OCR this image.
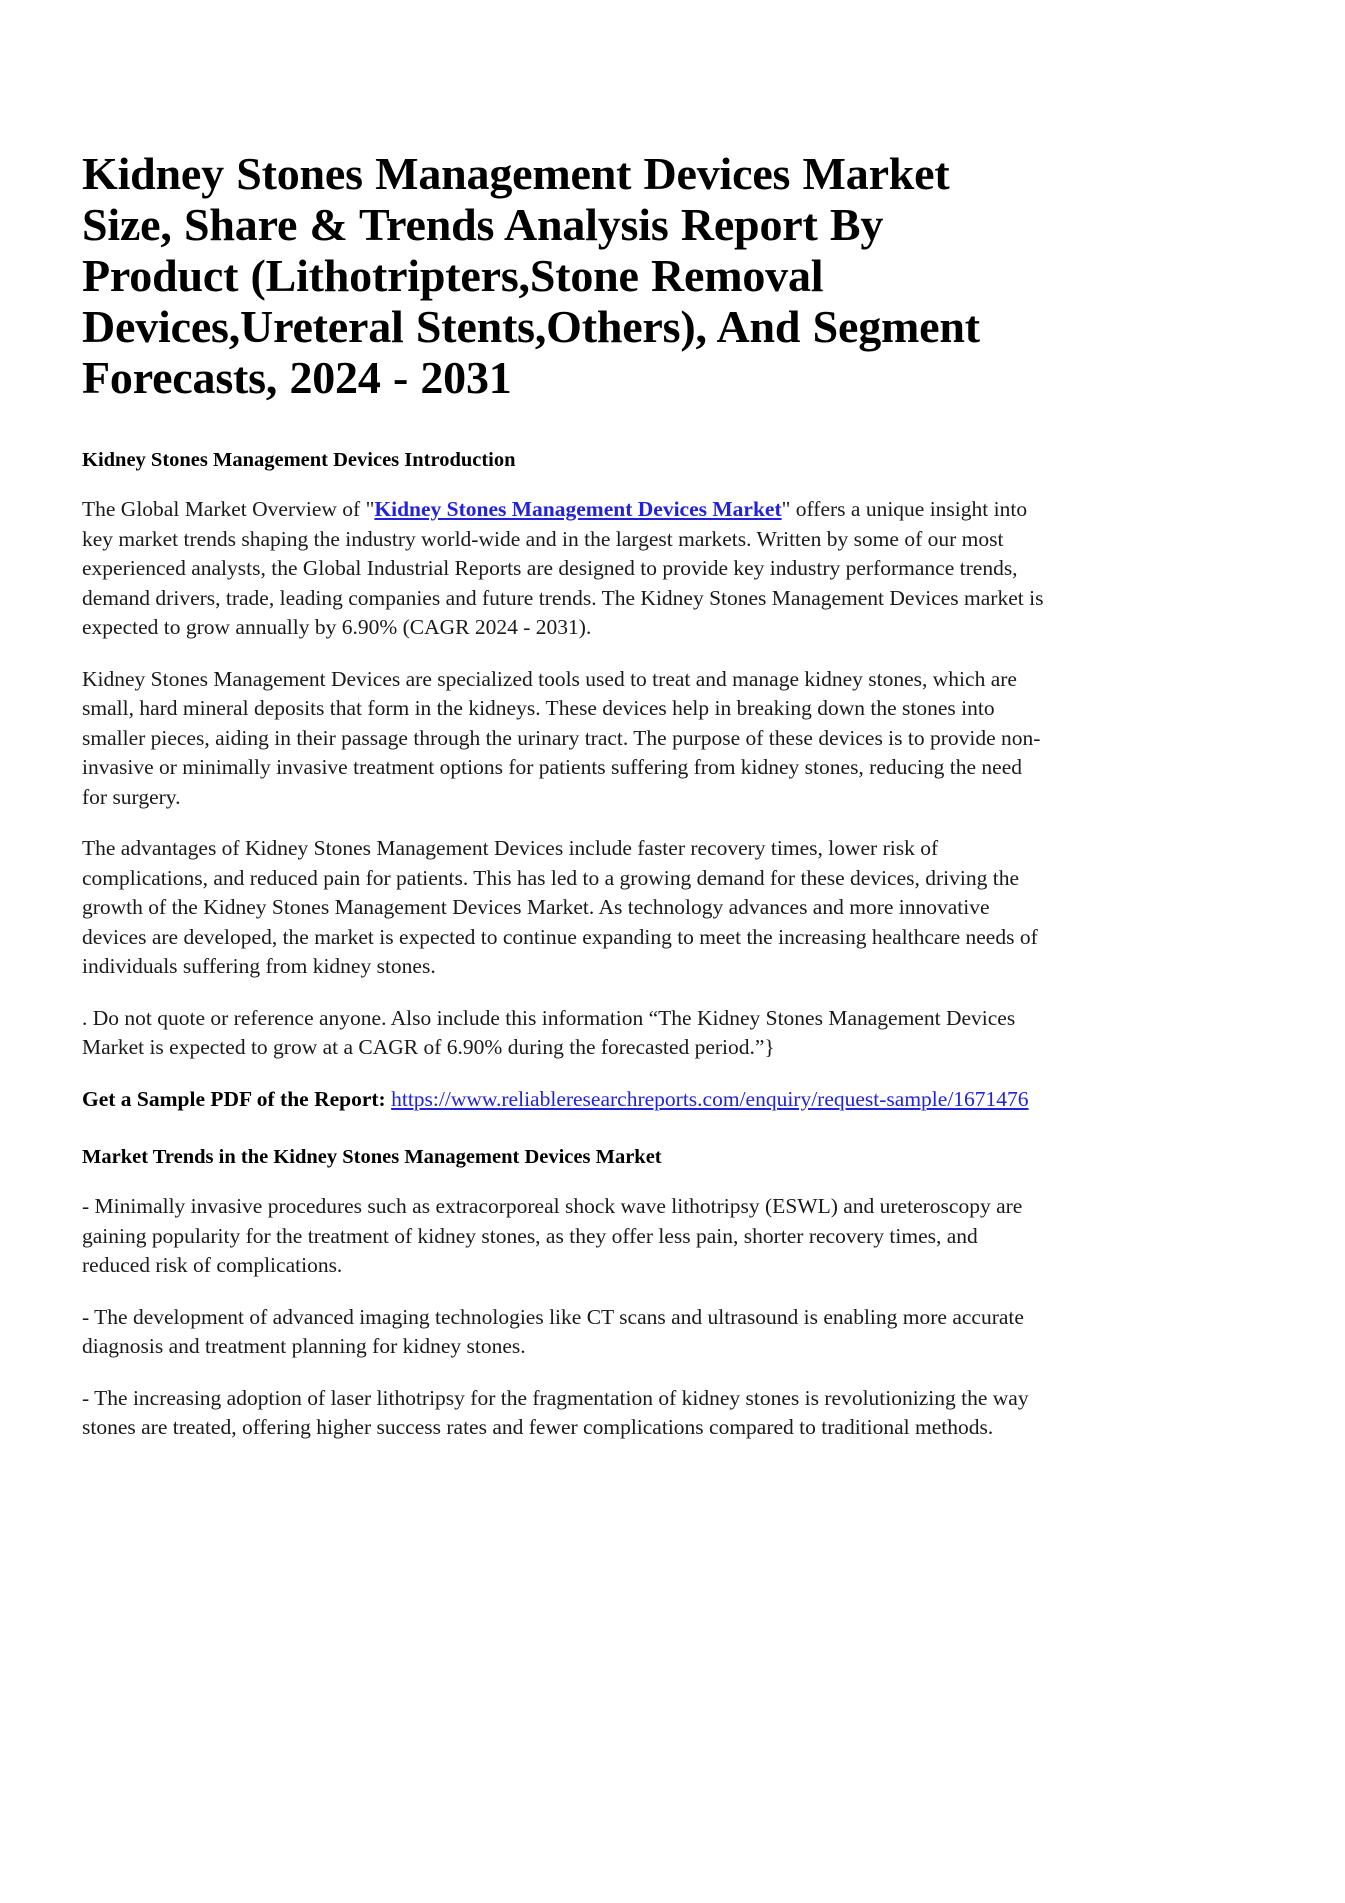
Kidney Stones Management Devices Market Size, Share & Trends Analysis Report By Product (Lithotripters,Stone Removal Devices,Ureteral Stents,Others), And Segment Forecasts, 2024 - 2031
Kidney Stones Management Devices Introduction

The Global Market Overview of "Kidney Stones Management Devices Market" offers a unique insight into key market trends shaping the industry world-wide and in the largest markets. Written by some of our most experienced analysts, the Global Industrial Reports are designed to provide key industry performance trends, demand drivers, trade, leading companies and future trends. The Kidney Stones Management Devices market is expected to grow annually by 6.90% (CAGR 2024 - 2031).

Kidney Stones Management Devices are specialized tools used to treat and manage kidney stones, which are small, hard mineral deposits that form in the kidneys. These devices help in breaking down the stones into smaller pieces, aiding in their passage through the urinary tract. The purpose of these devices is to provide non-invasive or minimally invasive treatment options for patients suffering from kidney stones, reducing the need for surgery.

The advantages of Kidney Stones Management Devices include faster recovery times, lower risk of complications, and reduced pain for patients. This has led to a growing demand for these devices, driving the growth of the Kidney Stones Management Devices Market. As technology advances and more innovative devices are developed, the market is expected to continue expanding to meet the increasing healthcare needs of individuals suffering from kidney stones.

. Do not quote or reference anyone. Also include this information “The Kidney Stones Management Devices Market is expected to grow at a CAGR of 6.90% during the forecasted period.”}

Get a Sample PDF of the Report: https://www.reliableresearchreports.com/enquiry/request-sample/1671476

Market Trends in the Kidney Stones Management Devices Market

- Minimally invasive procedures such as extracorporeal shock wave lithotripsy (ESWL) and ureteroscopy are gaining popularity for the treatment of kidney stones, as they offer less pain, shorter recovery times, and reduced risk of complications.

- The development of advanced imaging technologies like CT scans and ultrasound is enabling more accurate diagnosis and treatment planning for kidney stones.

- The increasing adoption of laser lithotripsy for the fragmentation of kidney stones is revolutionizing the way stones are treated, offering higher success rates and fewer complications compared to traditional methods.
